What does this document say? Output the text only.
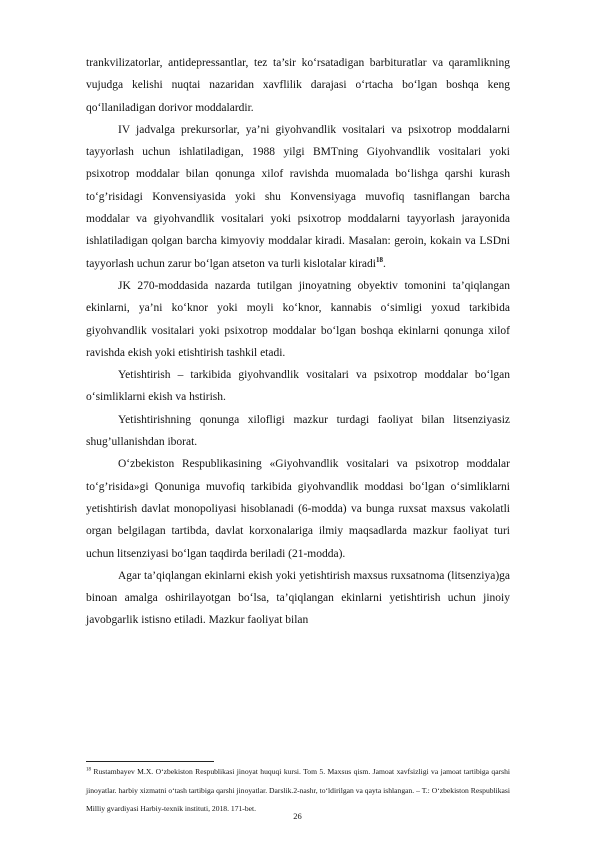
trankvilizatorlar, antidepressantlar, tez ta’sir ko‘rsatadigan barbituratlar va qaramlikning vujudga kelishi nuqtai nazaridan xavflilik darajasi o‘rtacha bo‘lgan boshqa keng qo‘llaniladigan dorivor moddalardir.

IV jadvalga prekursorlar, ya’ni giyohvandlik vositalari va psixotrop moddalarni tayyorlash uchun ishlatiladigan, 1988 yilgi BMTning Giyohvandlik vositalari yoki psixotrop moddalar bilan qonunga xilof ravishda muomalada bo‘lishga qarshi kurash to‘g’risidagi Konvensiyasida yoki shu Konvensiyaga muvofiq tasniflangan barcha moddalar va giyohvandlik vositalari yoki psixotrop moddalarni tayyorlash jarayonida ishlatiladigan qolgan barcha kimyoviy moddalar kiradi. Masalan: geroin, kokain va LSDni tayyorlash uchun zarur bo‘lgan atseton va turli kislotalar kiradi$^{18}$.

JK 270-moddasida nazarda tutilgan jinoyatning obyektiv tomonini ta’qiqlangan ekinlarni, ya’ni ko‘knor yoki moyli ko‘knor, kannabis o‘simligi yoxud tarkibida giyohvandlik vositalari yoki psixotrop moddalar bo‘lgan boshqa ekinlarni qonunga xilof ravishda ekish yoki etishtirish tashkil etadi.

Yetishtirish – tarkibida giyohvandlik vositalari va psixotrop moddalar bo‘lgan o‘simliklarni ekish va hstirish.

Yetishtirishning qonunga xilofligi mazkur turdagi faoliyat bilan litsenziyasiz shug’ullanishdan iborat.

O‘zbekiston Respublikasining «Giyohvandlik vositalari va psixotrop moddalar to‘g’risida»gi Qonuniga muvofiq tarkibida giyohvandlik moddasi bo‘lgan o‘simliklarni yetishtirish davlat monopoliyasi hisoblanadi (6-modda) va bunga ruxsat maxsus vakolatli organ belgilagan tartibda, davlat korxonalariga ilmiy maqsadlarda mazkur faoliyat turi uchun litsenziyasi bo‘lgan taqdirda beriladi (21-modda).

Agar ta’qiqlangan ekinlarni ekish yoki yetishtirish maxsus ruxsatnoma (litsenziya)ga binoan amalga oshirilayotgan bo‘lsa, ta’qiqlangan ekinlarni yetishtirish uchun jinoiy javobgarlik istisno etiladi. Mazkur faoliyat bilan

$^{18}$ Rustambayev M.X. O‘zbekiston Respublikasi jinoyat huquqi kursi. Tom 5. Maxsus qism. Jamoat xavfsizligi va jamoat tartibiga qarshi jinoyatlar. harbiy xizmatni o‘tash tartibiga qarshi jinoyatlar. Darslik.2-nashr, to‘ldirilgan va qayta ishlangan. – T.: O‘zbekiston Respublikasi Milliy gvardiyasi Harbiy-texnik instituti, 2018. 171-bet.

26
